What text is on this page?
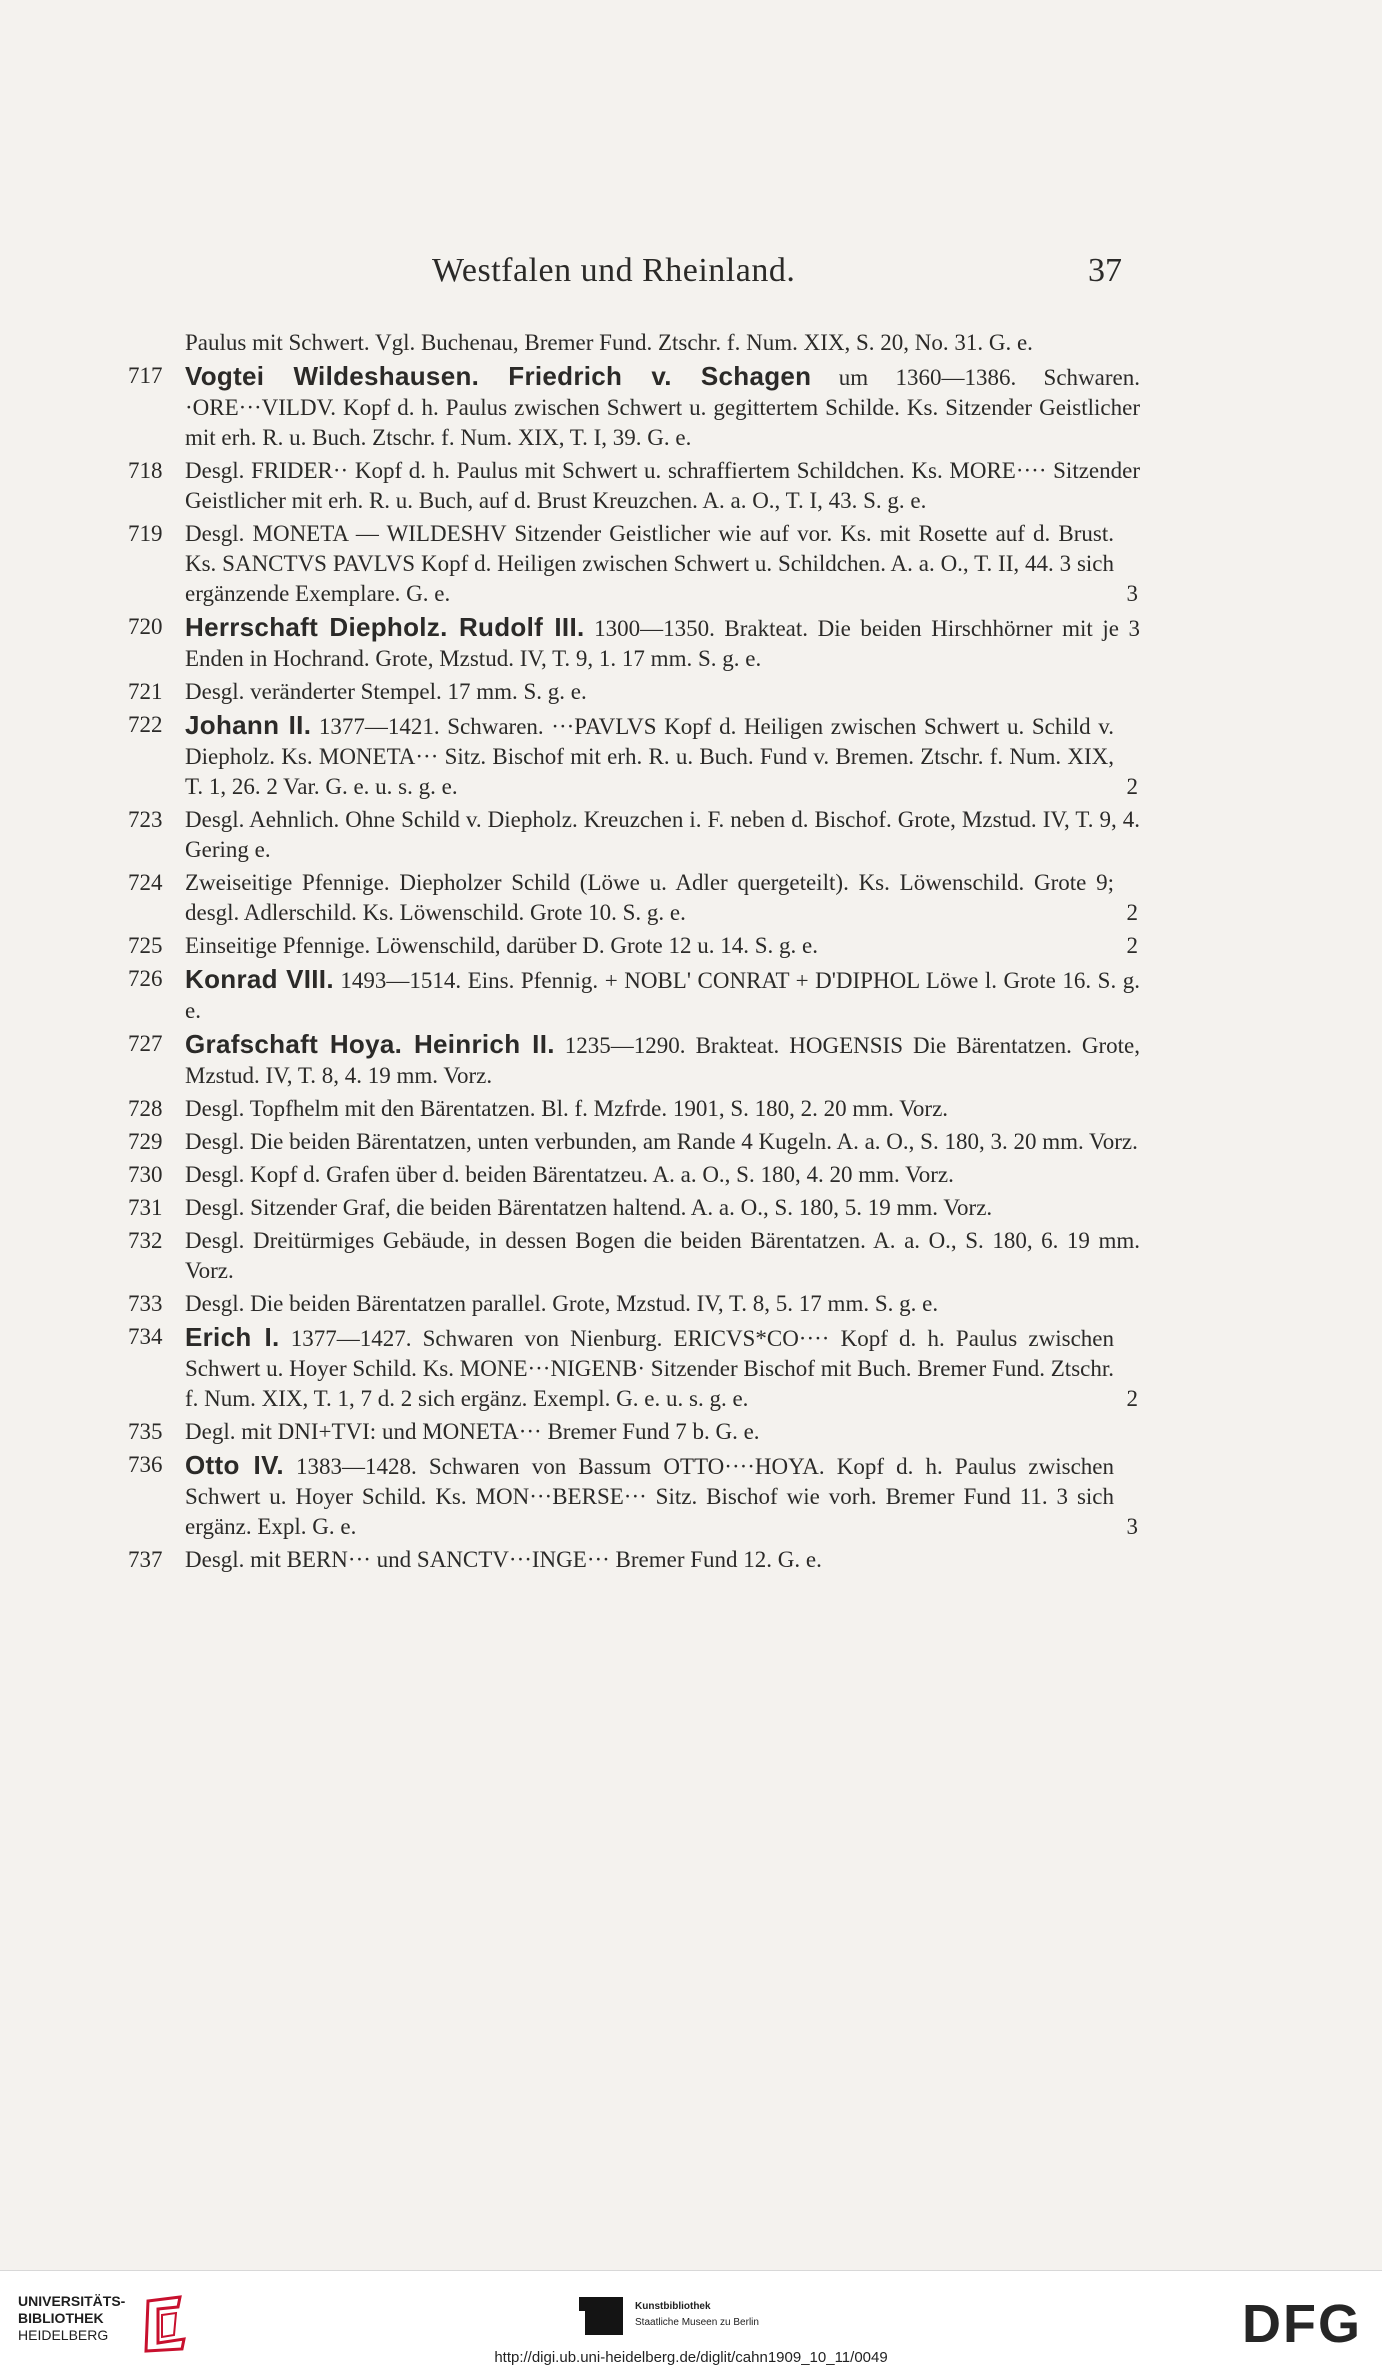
Westfalen und Rheinland.	37
Paulus mit Schwert. Vgl. Buchenau, Bremer Fund. Ztschr. f. Num. XIX, S. 20, No. 31. G. e.
717 Vogtei Wildeshausen. Friedrich v. Schagen um 1360—1386. Schwaren. ·ORE···VILDV. Kopf d. h. Paulus zwischen Schwert u. gegittertem Schilde. Ks. Sitzender Geistlicher mit erh. R. u. Buch. Ztschr. f. Num. XIX, T. I, 39. G. e.
718 Desgl. FRIDER·· Kopf d. h. Paulus mit Schwert u. schraffiertem Schildchen. Ks. MORE···· Sitzender Geistlicher mit erh. R. u. Buch, auf d. Brust Kreuzchen. A. a. O., T. I, 43. S. g. e.
719 Desgl. MONETA — WILDESHV Sitzender Geistlicher wie auf vor. Ks. mit Rosette auf d. Brust. Ks. SANCTVS PAVLVS Kopf d. Heiligen zwischen Schwert u. Schildchen. A. a. O., T. II, 44. 3 sich ergänzende Exemplare. G. e.	3
720 Herrschaft Diepholz. Rudolf III. 1300—1350. Brakteat. Die beiden Hirschhörner mit je 3 Enden in Hochrand. Grote, Mzstud. IV, T. 9, 1. 17 mm. S. g. e.
721 Desgl. veränderter Stempel. 17 mm. S. g. e.
722 Johann II. 1377—1421. Schwaren. ···PAVLVS Kopf d. Heiligen zwischen Schwert u. Schild v. Diepholz. Ks. MONETA··· Sitz. Bischof mit erh. R. u. Buch. Fund v. Bremen. Ztschr. f. Num. XIX, T. 1, 26. 2 Var. G. e. u. s. g. e.	2
723 Desgl. Aehnlich. Ohne Schild v. Diepholz. Kreuzchen i. F. neben d. Bischof. Grote, Mzstud. IV, T. 9, 4. Gering e.
724 Zweiseitige Pfennige. Diepholzer Schild (Löwe u. Adler quergeteilt). Ks. Löwenschild. Grote 9; desgl. Adlerschild. Ks. Löwenschild. Grote 10. S. g. e.	2
725 Einseitige Pfennige. Löwenschild, darüber D. Grote 12 u. 14. S. g. e.	2
726 Konrad VIII. 1493—1514. Eins. Pfennig. + NOBL' CONRAT + D'DIPHOL Löwe l. Grote 16. S. g. e.
727 Grafschaft Hoya. Heinrich II. 1235—1290. Brakteat. HOGENSIS Die Bärentatzen. Grote, Mzstud. IV, T. 8, 4. 19 mm. Vorz.
728 Desgl. Topfhelm mit den Bärentatzen. Bl. f. Mzfrde. 1901, S. 180, 2. 20 mm. Vorz.
729 Desgl. Die beiden Bärentatzen, unten verbunden, am Rande 4 Kugeln. A. a. O., S. 180, 3. 20 mm. Vorz.
730 Desgl. Kopf d. Grafen über d. beiden Bärentatzeu. A. a. O., S. 180, 4. 20 mm. Vorz.
731 Desgl. Sitzender Graf, die beiden Bärentatzen haltend. A. a. O., S. 180, 5. 19 mm. Vorz.
732 Desgl. Dreitürmiges Gebäude, in dessen Bogen die beiden Bärentatzen. A. a. O., S. 180, 6. 19 mm. Vorz.
733 Desgl. Die beiden Bärentatzen parallel. Grote, Mzstud. IV, T. 8, 5. 17 mm. S. g. e.
734 Erich I. 1377—1427. Schwaren von Nienburg. ERICVS*CO···· Kopf d. h. Paulus zwischen Schwert u. Hoyer Schild. Ks. MONE···NIGENB· Sitzender Bischof mit Buch. Bremer Fund. Ztschr. f. Num. XIX, T. 1, 7 d. 2 sich ergänz. Exempl. G. e. u. s. g. e.	2
735 Degl. mit DNI+TVI: und MONETA··· Bremer Fund 7 b. G. e.
736 Otto IV. 1383—1428. Schwaren von Bassum OTTO····HOYA. Kopf d. h. Paulus zwischen Schwert u. Hoyer Schild. Ks. MON···BERSE··· Sitz. Bischof wie vorh. Bremer Fund 11. 3 sich ergänz. Expl. G. e.	3
737 Desgl. mit BERN··· und SANCTV···INGE··· Bremer Fund 12. G. e.
UNIVERSITÄTS-
BIBLIOTHEK
HEIDELBERG
Kunstbibliothek
Staatliche Museen zu Berlin	DFG
http://digi.ub.uni-heidelberg.de/diglit/cahn1909_10_11/0049
